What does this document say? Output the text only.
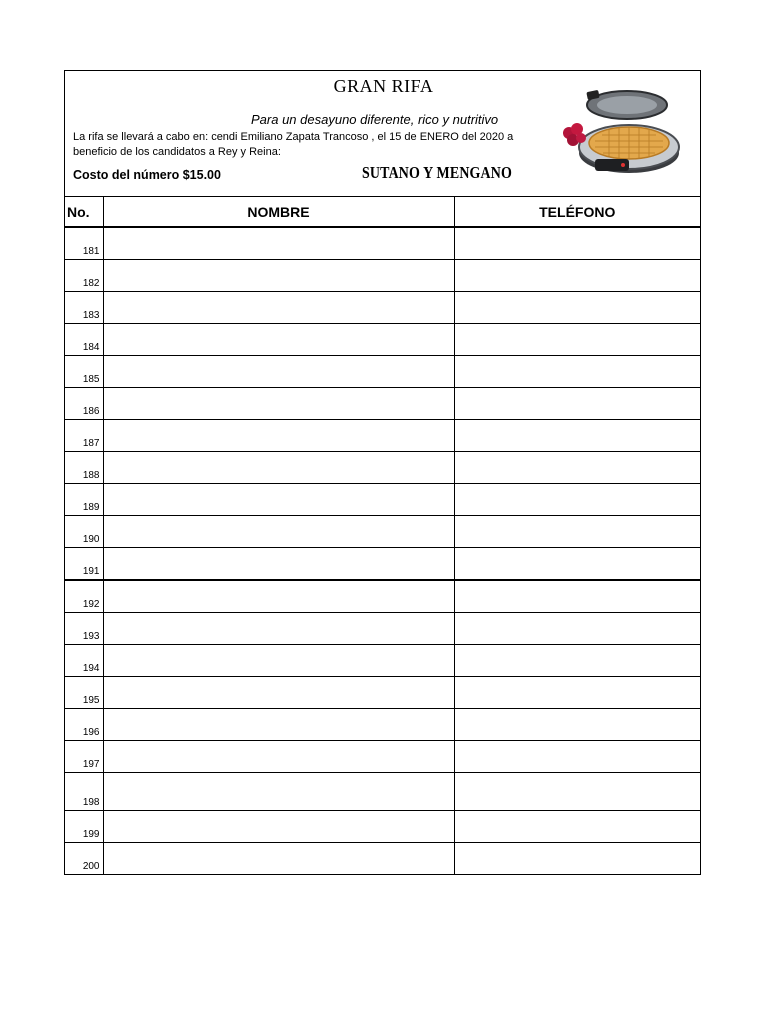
GRAN RIFA
Para un desayuno diferente, rico y nutritivo
La rifa se llevará a cabo en: cendi Emiliano Zapata Trancoso , el 15 de ENERO del 2020 a
beneficio de los candidatos a Rey y Reina:
Costo del número $15.00	SUTANO Y MENGANO
No.	NOMBRE	TELÉFONO
181		
182		
183		
184		
185		
186		
187		
188		
189		
190		
191		
192		
193		
194		
195		
196		
197		
198		
199		
200		
